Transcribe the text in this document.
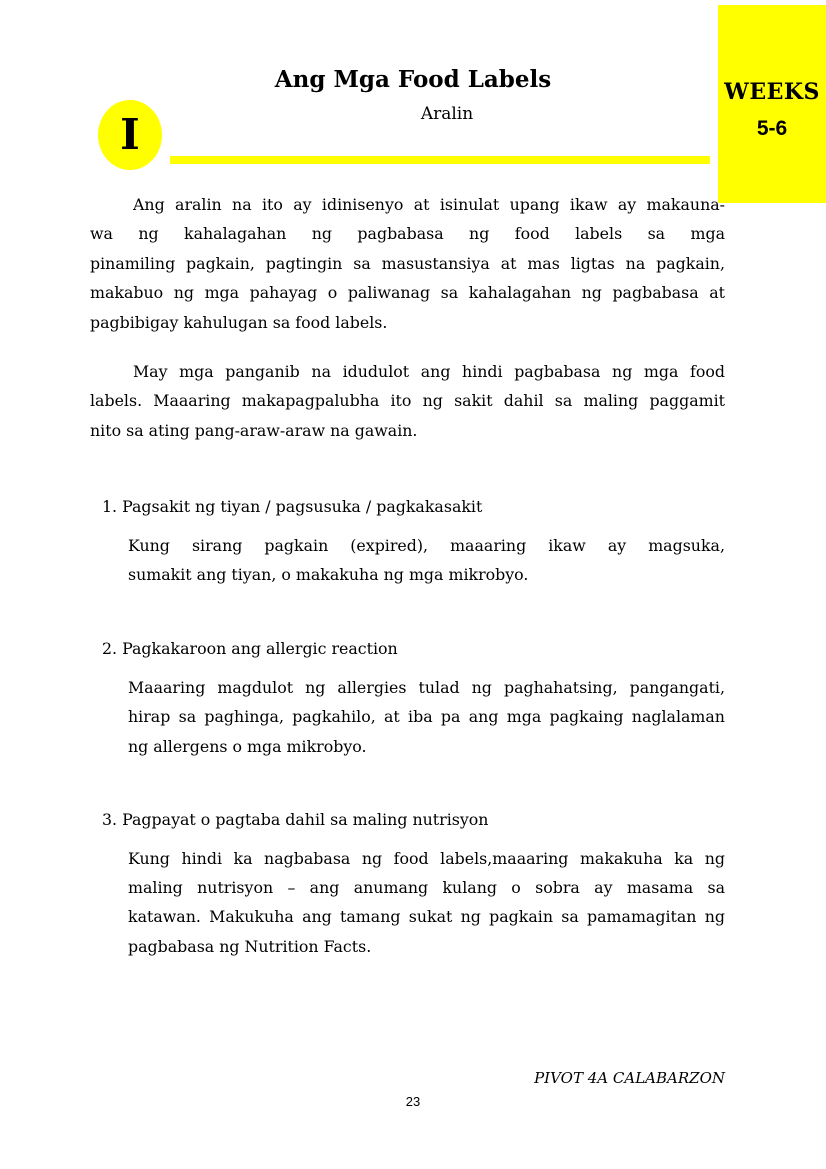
WEEKS
5-6
I
Ang Mga Food Labels
Aralin
Ang aralin na ito ay idinisenyo at isinulat upang ikaw ay makauna-
wa ng kahalagahan ng pagbabasa ng food labels sa mga
pinamiling pagkain, pagtingin sa masustansiya at mas ligtas na pagkain,
makabuo ng mga pahayag o paliwanag sa kahalagahan ng pagbabasa at
pagbibigay kahulugan sa food labels.
May mga panganib na idudulot ang hindi pagbabasa ng mga food
labels. Maaaring makapagpalubha ito ng sakit dahil sa maling paggamit
nito sa ating pang-araw-araw na gawain.
1. Pagsakit ng tiyan / pagsusuka / pagkakasakit
Kung sirang pagkain (expired), maaaring ikaw ay magsuka,
sumakit ang tiyan, o makakuha ng mga mikrobyo.
2. Pagkakaroon ang allergic reaction
Maaaring magdulot ng allergies tulad ng paghahatsing, pangangati,
hirap sa paghinga, pagkahilo, at iba pa ang mga pagkaing naglalaman
ng allergens o mga mikrobyo.
3. Pagpayat o pagtaba dahil sa maling nutrisyon
Kung hindi ka nagbabasa ng food labels,maaaring makakuha ka ng
maling nutrisyon – ang anumang kulang o sobra ay masama sa
katawan. Makukuha ang tamang sukat ng pagkain sa pamamagitan ng
pagbabasa ng Nutrition Facts.
PIVOT 4A CALABARZON
23
